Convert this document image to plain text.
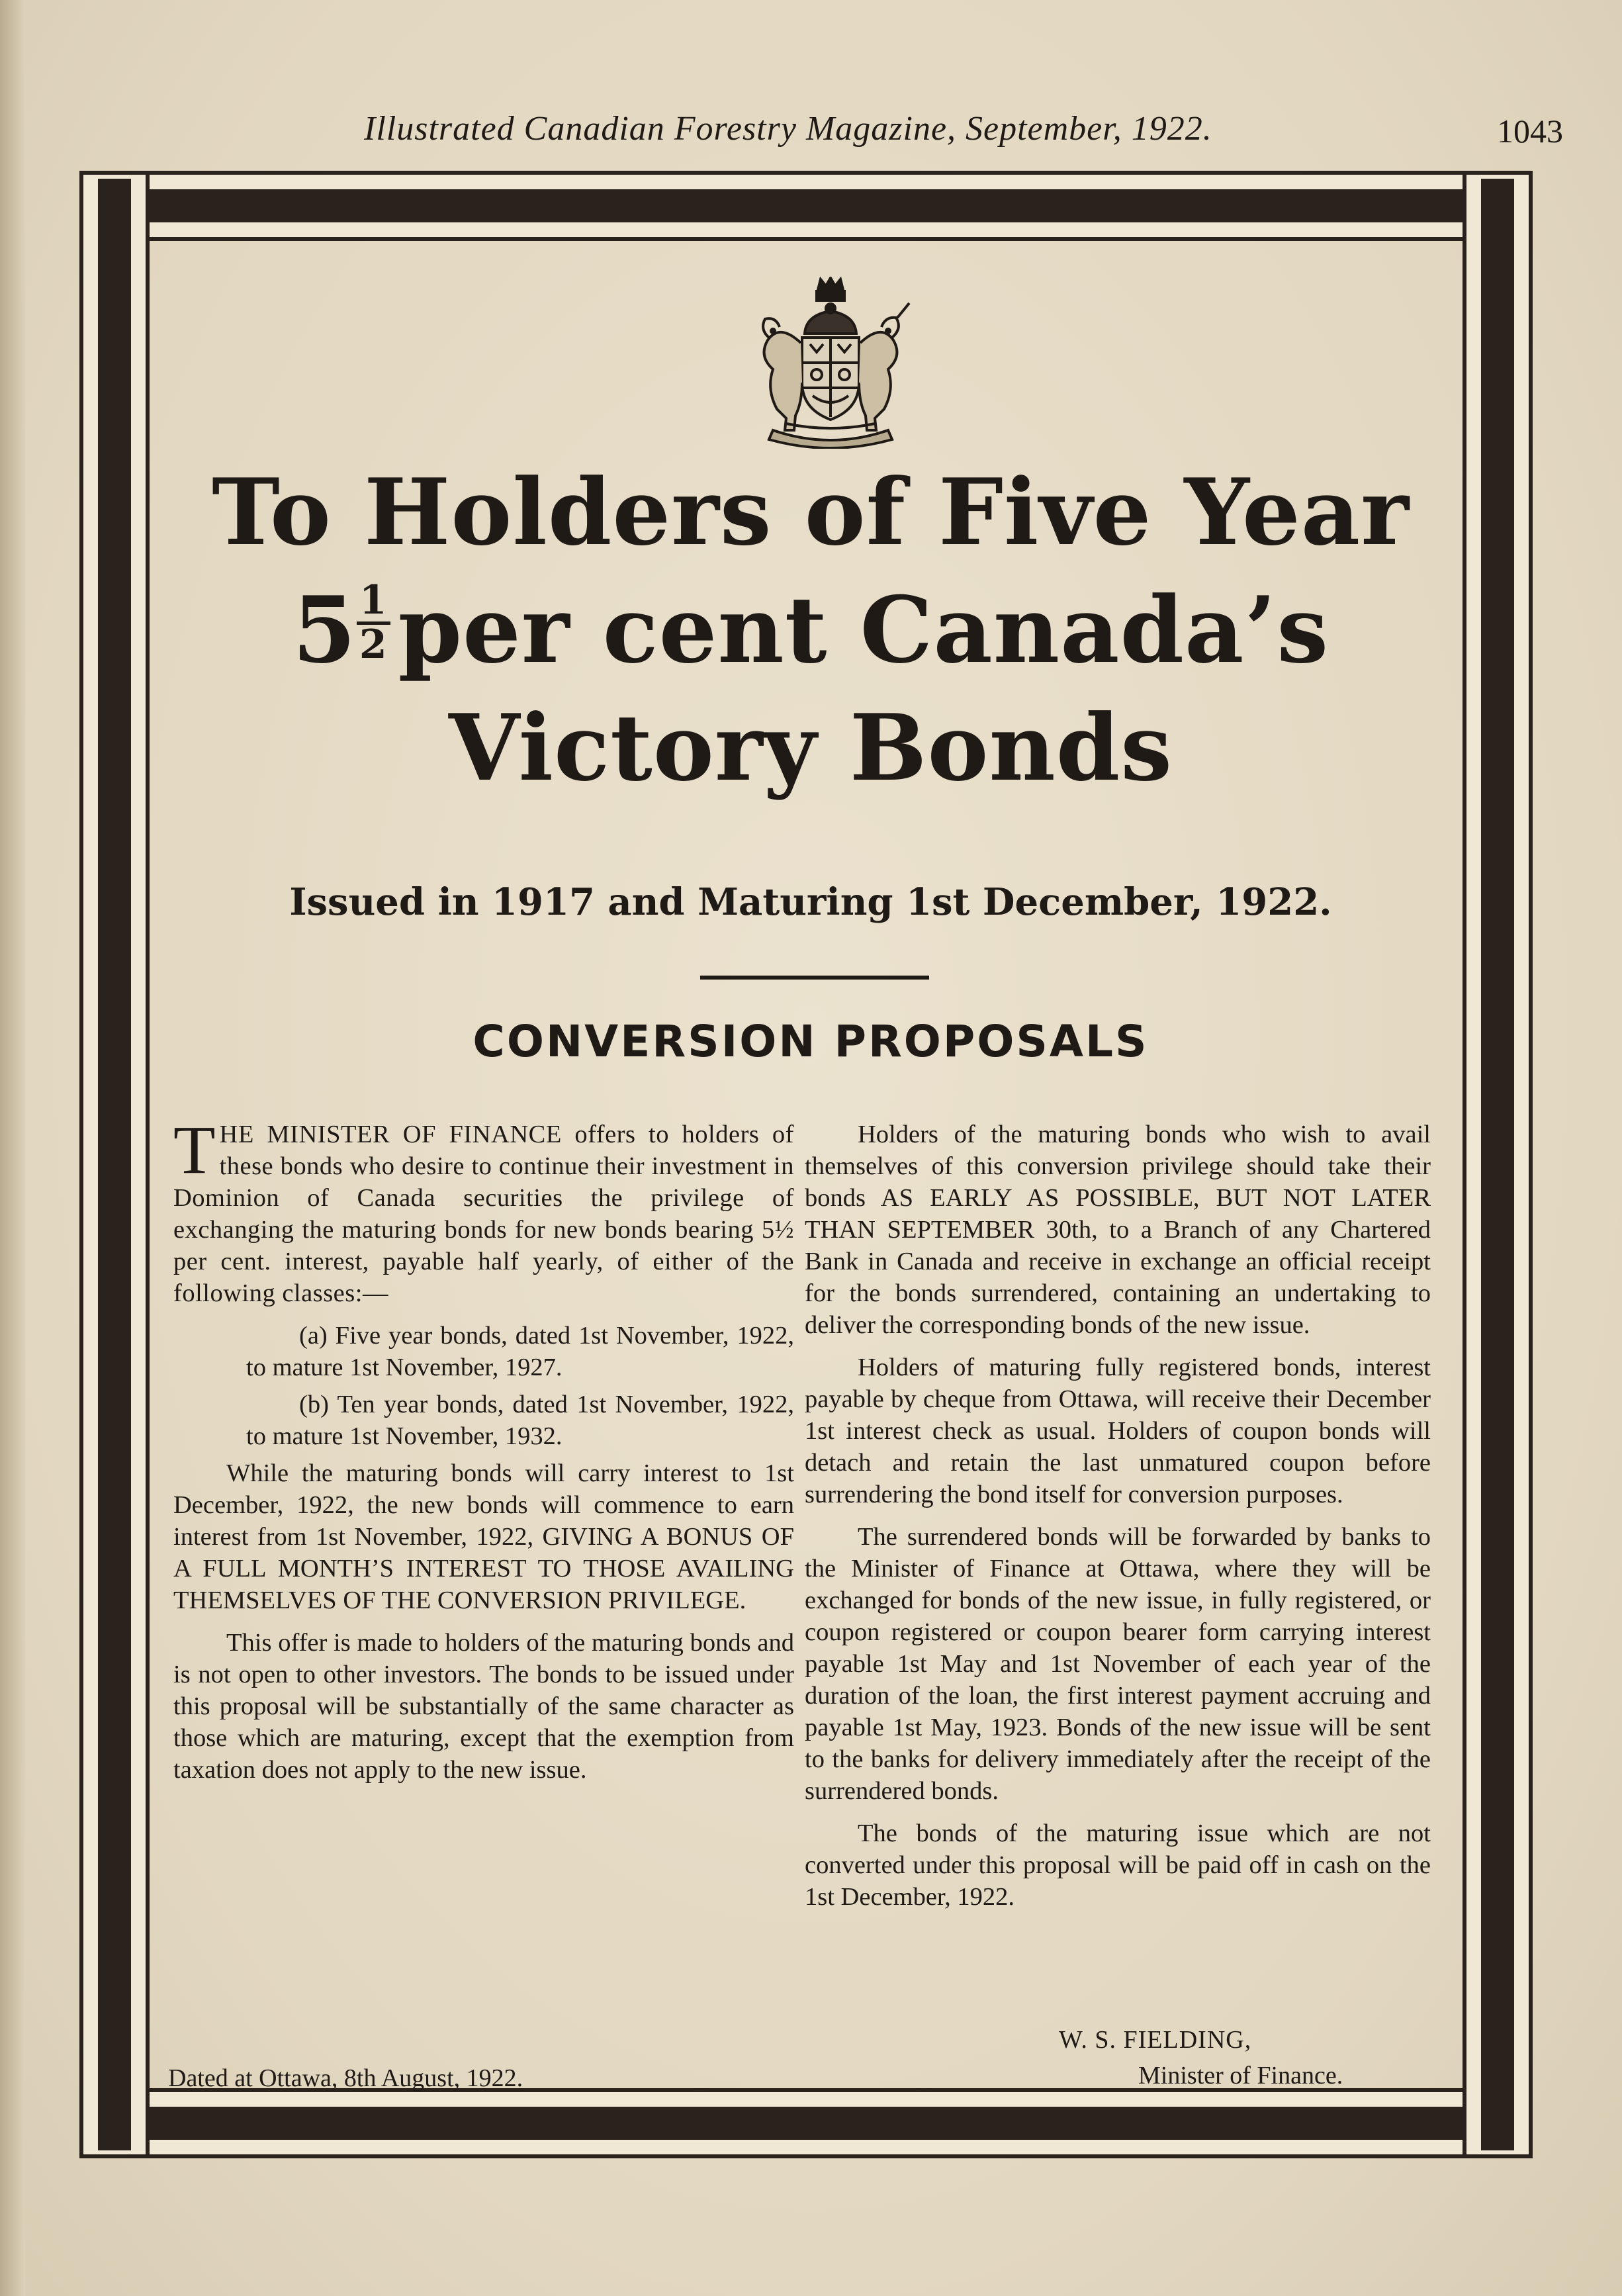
Illustrated Canadian Forestry Magazine, September, 1922.	1043
To Holders of Five Year
$5 \frac{1}{2}$ per cent Canada’s
Victory Bonds
Issued in 1917 and Maturing 1st December, 1922.
CONVERSION PROPOSALS

THE MINISTER OF FINANCE offers to holders of these bonds who desire to continue their investment in Dominion of Canada securities the privilege of exchanging the maturing bonds for new bonds bearing 5½ per cent. interest, payable half yearly, of either of the following classes:—

(a) Five year bonds, dated 1st November, 1922, to mature 1st November, 1927.

(b) Ten year bonds, dated 1st November, 1922, to mature 1st November, 1932.

While the maturing bonds will carry interest to 1st December, 1922, the new bonds will commence to earn interest from 1st November, 1922, GIVING A BONUS OF A FULL MONTH’S INTEREST TO THOSE AVAILING THEMSELVES OF THE CONVERSION PRIVILEGE.

This offer is made to holders of the maturing bonds and is not open to other investors. The bonds to be issued under this proposal will be substantially of the same character as those which are maturing, except that the exemption from taxation does not apply to the new issue.

Holders of the maturing bonds who wish to avail themselves of this conversion privilege should take their bonds AS EARLY AS POSSIBLE, BUT NOT LATER THAN SEPTEMBER 30th, to a Branch of any Chartered Bank in Canada and receive in exchange an official receipt for the bonds surrendered, containing an undertaking to deliver the corresponding bonds of the new issue.

Holders of maturing fully registered bonds, interest payable by cheque from Ottawa, will receive their December 1st interest check as usual. Holders of coupon bonds will detach and retain the last unmatured coupon before surrendering the bond itself for conversion purposes.

The surrendered bonds will be forwarded by banks to the Minister of Finance at Ottawa, where they will be exchanged for bonds of the new issue, in fully registered, or coupon registered or coupon bearer form carrying interest payable 1st May and 1st November of each year of the duration of the loan, the first interest payment accruing and payable 1st May, 1923. Bonds of the new issue will be sent to the banks for delivery immediately after the receipt of the surrendered bonds.

The bonds of the maturing issue which are not converted under this proposal will be paid off in cash on the 1st December, 1922.

Dated at Ottawa, 8th August, 1922.
W. S. FIELDING,
Minister of Finance.
